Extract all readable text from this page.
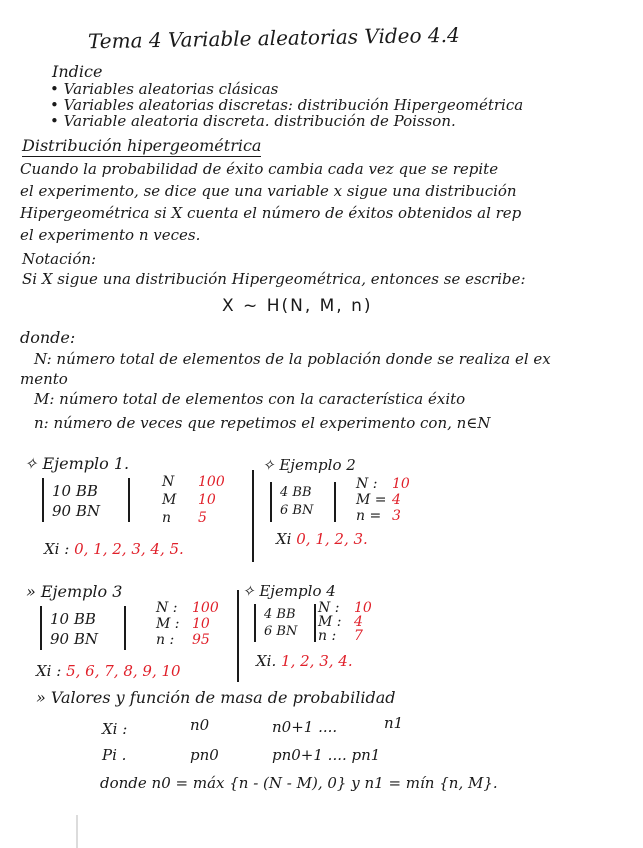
Tema 4 Variable aleatorias Video 4.4
Indice
• Variables aleatorias clásicas
• Variables aleatorias discretas: distribución Hipergeométrica
• Variable aleatoria discreta. distribución de Poisson.
Distribución hipergeométrica
Cuando la probabilidad de éxito cambia cada vez que se repite
el experimento, se dice que una variable x sigue una distribución
Hipergeométrica si X cuenta el número de éxitos obtenidos al rep
el experimento n veces.
Notación:
Si X sigue una distribución Hipergeométrica, entonces se escribe:
X ~ H(N, M, n)
donde:
N: número total de elementos de la población donde se realiza el ex
mento
M: número total de elementos con la característica éxito
n: número de veces que repetimos el experimento con, n∈N
✧ Ejemplo 1.
10 BB
90 BN
N 100
M 10
n 5
Xi : 0, 1, 2, 3, 4, 5.
✧ Ejemplo 2
4 BB
6 BN
N : 10
M = 4
n = 3
Xi 0, 1, 2, 3.
» Ejemplo 3
10 BB
90 BN
N : 100
M : 10
n : 95
Xi : 5, 6, 7, 8, 9, 10
✧ Ejemplo 4
4 BB
6 BN
N : 10
M : 4
n : 7
Xi. 1, 2, 3, 4.
» Valores y función de masa de probabilidad
Xi :	n0	n0+1 ....	n1
Pi .	pn0	pn0+1 .... pn1
donde n0 = máx {n - (N - M), 0} y n1 = mín {n, M}.
